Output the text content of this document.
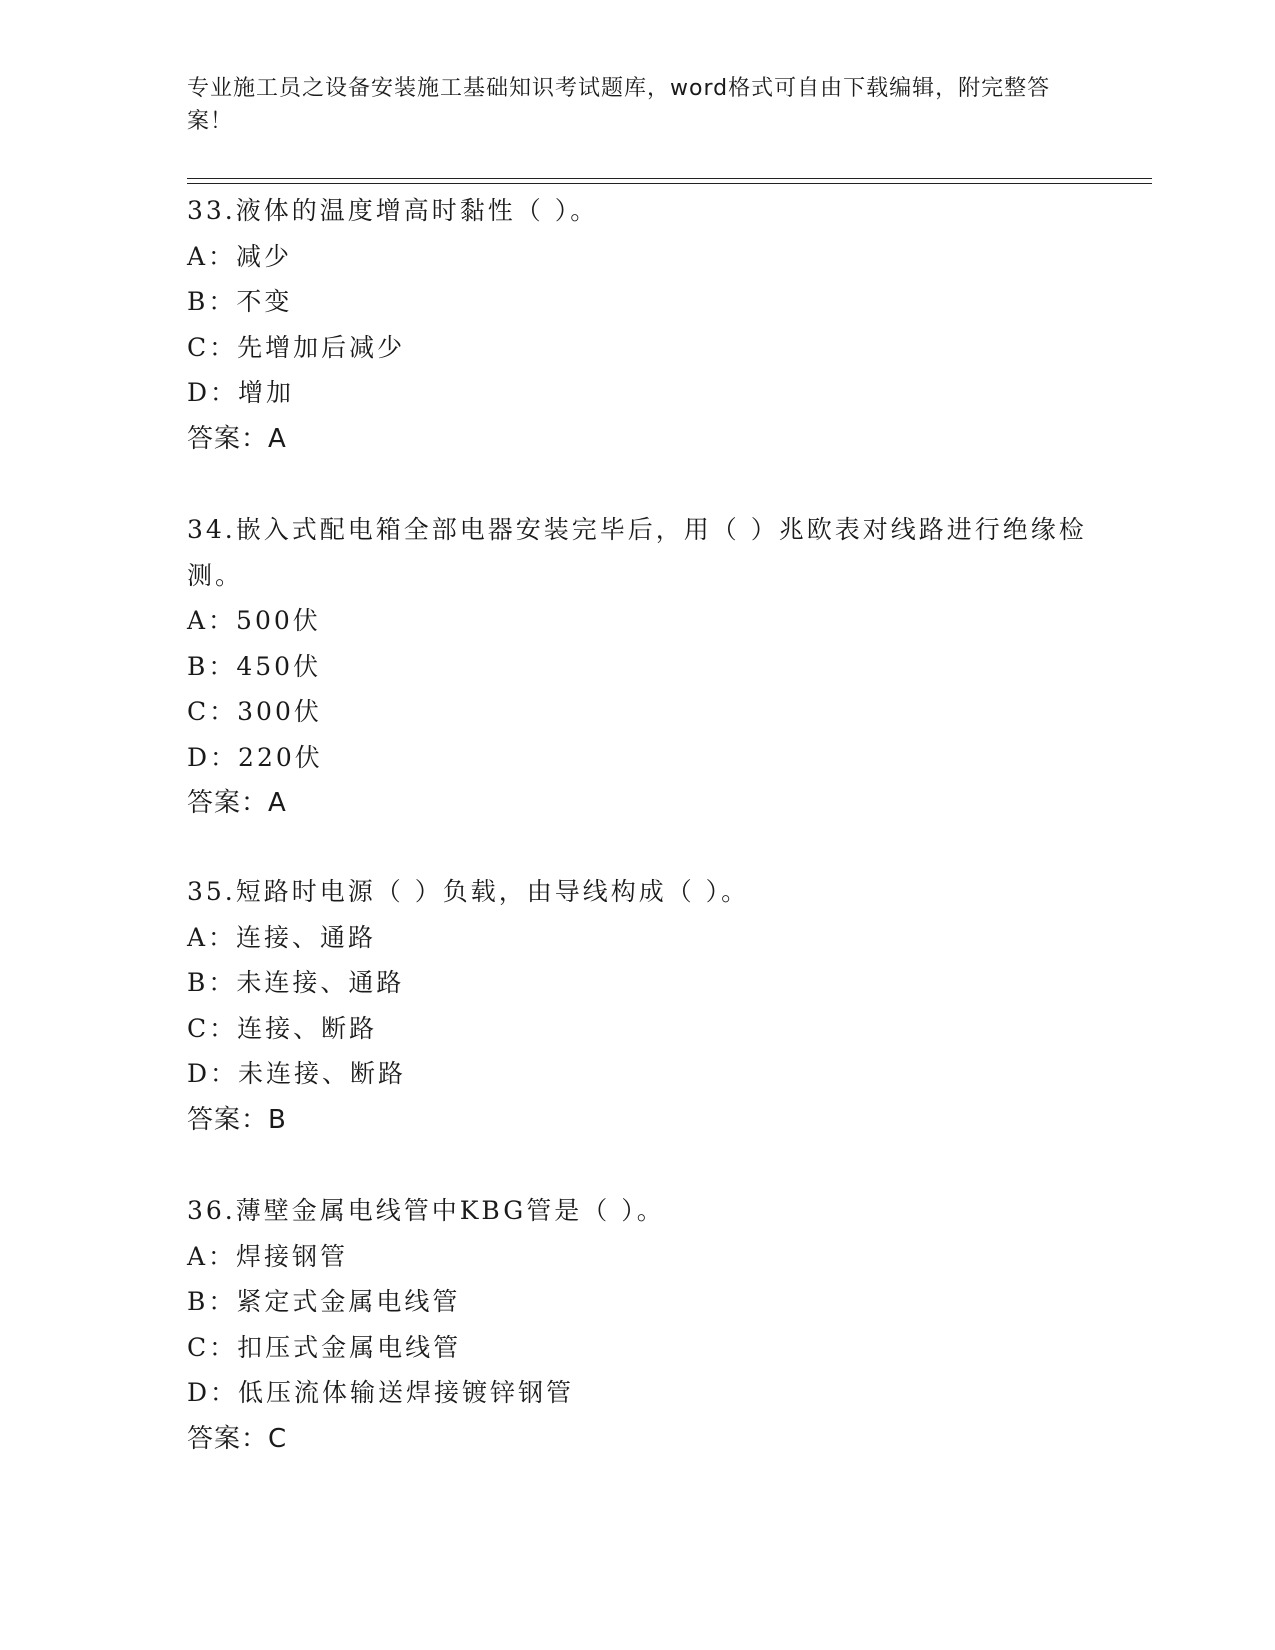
专业施工员之设备安装施工基础知识考试题库，word格式可自由下载编辑，附完整答案！
33.液体的温度增高时黏性（ ）。
A：减少
B：不变
C：先增加后减少
D：增加
答案：A
34.嵌入式配电箱全部电器安装完毕后，用（ ）兆欧表对线路进行绝缘检测。
A：500伏
B：450伏
C：300伏
D：220伏
答案：A
35.短路时电源（ ）负载，由导线构成（ ）。
A：连接、通路
B：未连接、通路
C：连接、断路
D：未连接、断路
答案：B
36.薄壁金属电线管中KBG管是（ ）。
A：焊接钢管
B：紧定式金属电线管
C：扣压式金属电线管
D：低压流体输送焊接镀锌钢管
答案：C
